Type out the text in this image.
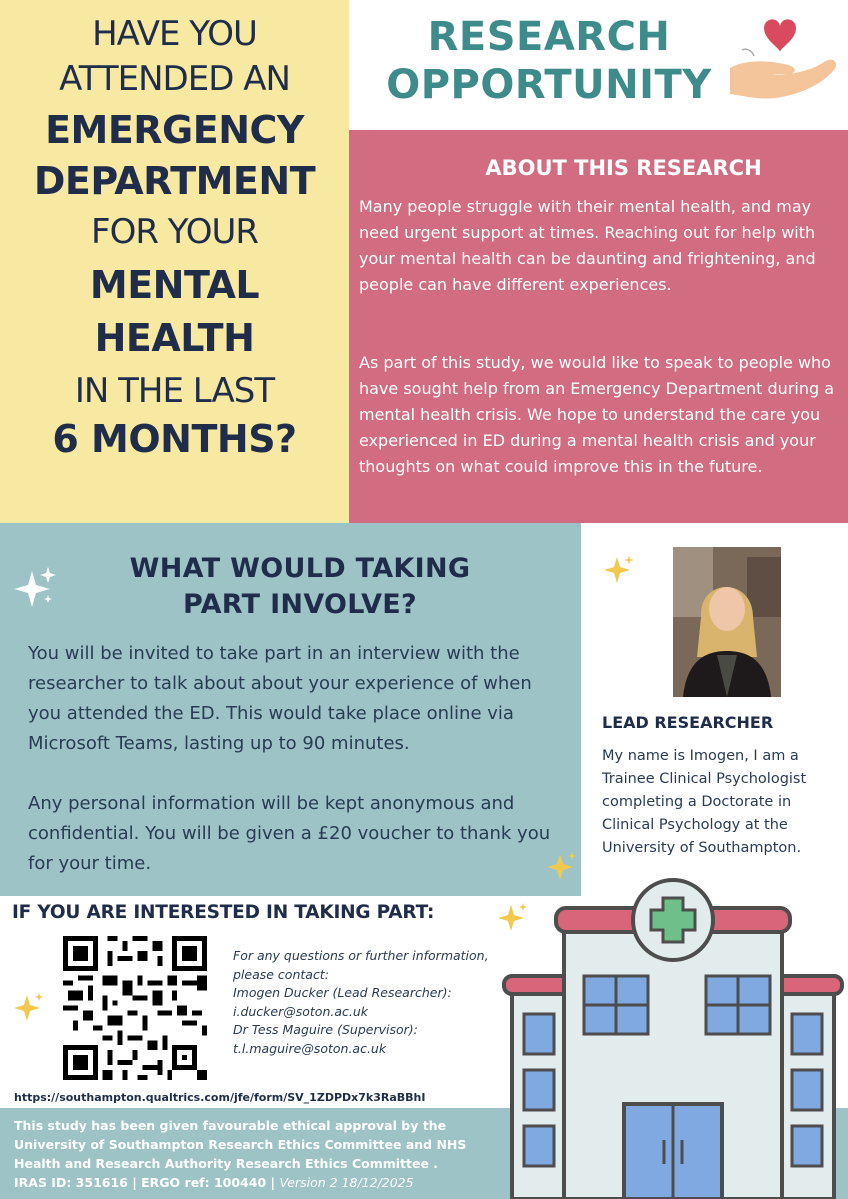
HAVE YOU
ATTENDED AN
EMERGENCY
DEPARTMENT
FOR YOUR
MENTAL
HEALTH
IN THE LAST
6 MONTHS?
RESEARCH
OPPORTUNITY
ABOUT THIS RESEARCH
Many people struggle with their mental health, and may need urgent support at times. Reaching out for help with your mental health can be daunting and frightening, and people can have different experiences.
As part of this study, we would like to speak to people who have sought help from an Emergency Department during a mental health crisis. We hope to understand the care you experienced in ED during a mental health crisis and your thoughts on what could improve this in the future.
WHAT WOULD TAKING
PART INVOLVE?
You will be invited to take part in an interview with the researcher to talk about about your experience of when you attended the ED. This would take place online via Microsoft Teams, lasting up to 90 minutes.
Any personal information will be kept anonymous and confidential. You will be given a £20 voucher to thank you for your time.
LEAD RESEARCHER
My name is Imogen, I am a Trainee Clinical Psychologist completing a Doctorate in Clinical Psychology at the University of Southampton.
IF YOU ARE INTERESTED IN TAKING PART:
For any questions or further information, please contact:
Imogen Ducker (Lead Researcher):
i.ducker@soton.ac.uk
Dr Tess Maguire (Supervisor):
t.l.maguire@soton.ac.uk
https://southampton.qualtrics.com/jfe/form/SV_1ZDPDx7k3RaBBhI
This study has been given favourable ethical approval by the University of Southampton Research Ethics Committee and NHS Health and Research Authority Research Ethics Committee .
IRAS ID: 351616 | ERGO ref: 100440 | Version 2 18/12/2025
